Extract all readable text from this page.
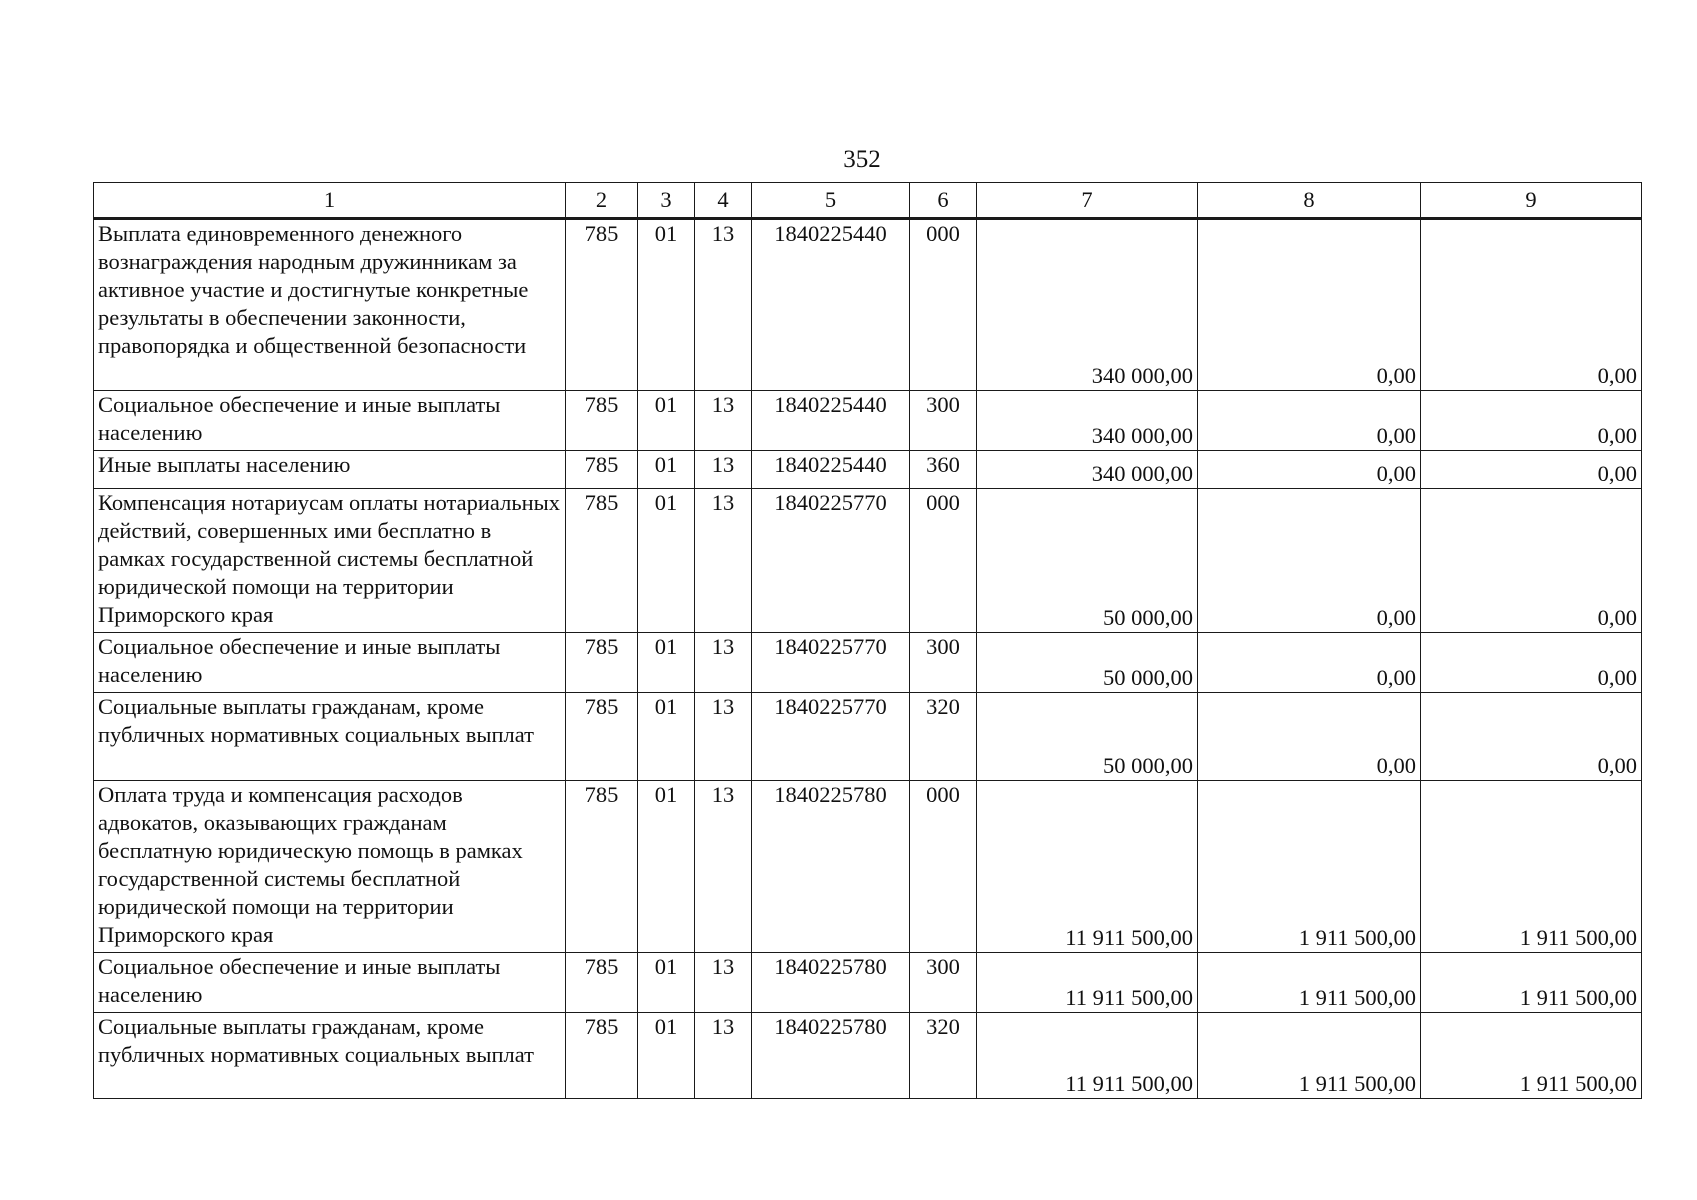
352
1	2	3	4	5	6	7	8	9
Выплата единовременного денежного вознаграждения народным дружинникам за активное участие и достигнутые конкретные результаты в обеспечении законности, правопорядка и общественной безопасности	785	01	13	1840225440	000	340 000,00	0,00	0,00
Социальное обеспечение и иные выплаты населению	785	01	13	1840225440	300	340 000,00	0,00	0,00
Иные выплаты населению	785	01	13	1840225440	360	340 000,00	0,00	0,00
Компенсация нотариусам оплаты нотариальных действий, совершенных ими бесплатно в рамках государственной системы бесплатной юридической помощи на территории Приморского края	785	01	13	1840225770	000	50 000,00	0,00	0,00
Социальное обеспечение и иные выплаты населению	785	01	13	1840225770	300	50 000,00	0,00	0,00
Социальные выплаты гражданам, кроме публичных нормативных социальных выплат	785	01	13	1840225770	320	50 000,00	0,00	0,00
Оплата труда и компенсация расходов адвокатов, оказывающих гражданам бесплатную юридическую помощь в рамках государственной системы бесплатной юридической помощи на территории Приморского края	785	01	13	1840225780	000	11 911 500,00	1 911 500,00	1 911 500,00
Социальное обеспечение и иные выплаты населению	785	01	13	1840225780	300	11 911 500,00	1 911 500,00	1 911 500,00
Социальные выплаты гражданам, кроме публичных нормативных социальных выплат	785	01	13	1840225780	320	11 911 500,00	1 911 500,00	1 911 500,00
